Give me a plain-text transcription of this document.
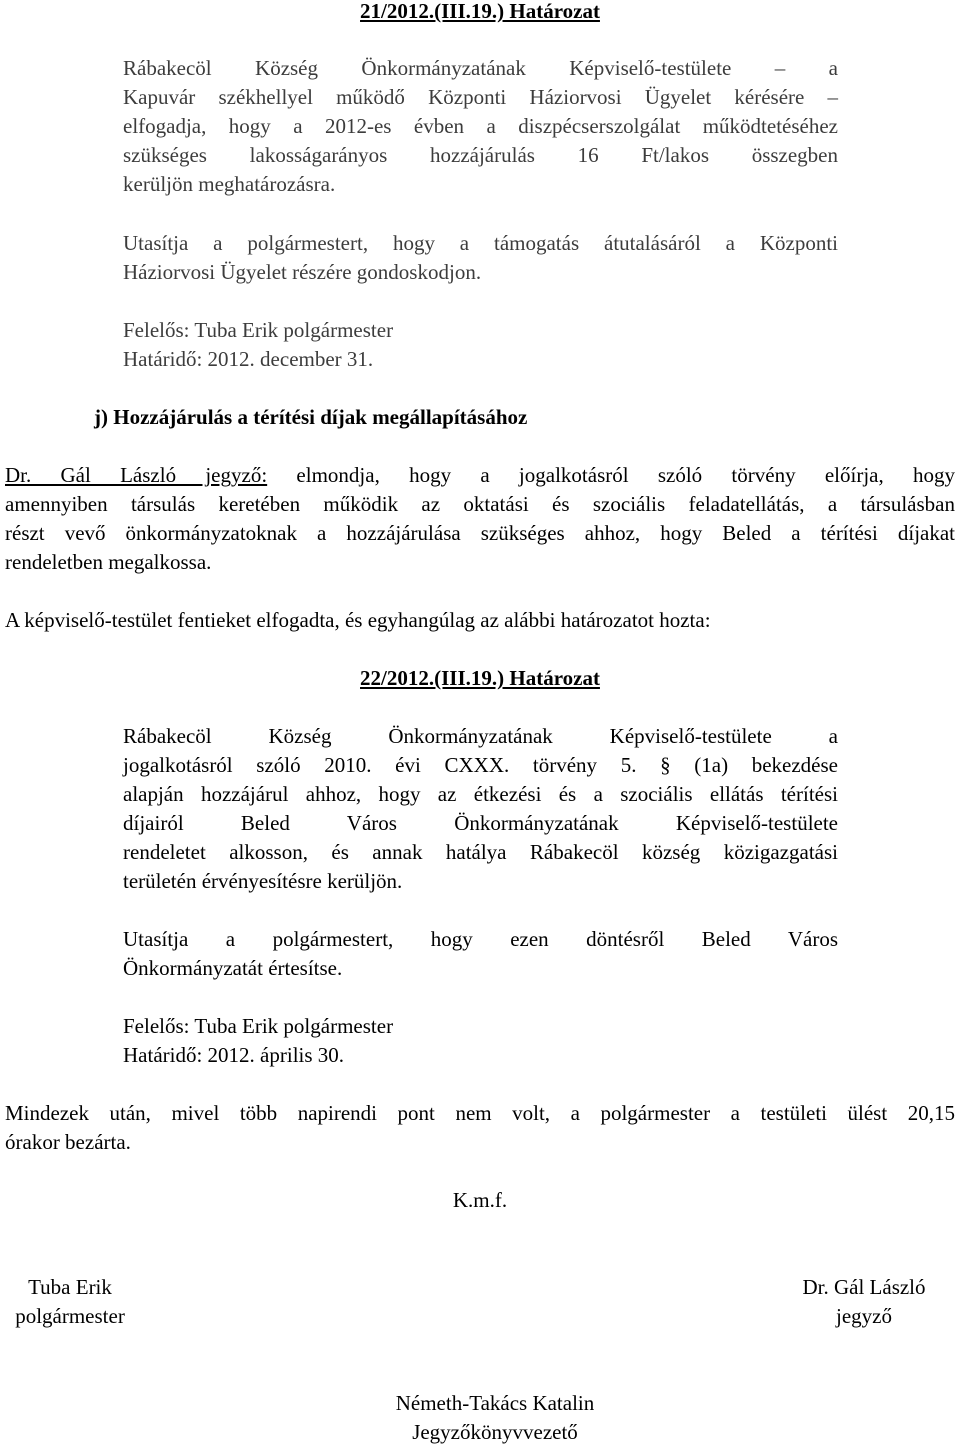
21/2012.(III.19.) Határozat
Rábakecöl Község Önkormányzatának Képviselő-testülete – a
Kapuvár székhellyel működő Központi Háziorvosi Ügyelet kérésére –
elfogadja, hogy a 2012-es évben a diszpécserszolgálat működtetéséhez
szükséges lakosságarányos hozzájárulás 16 Ft/lakos összegben
kerüljön meghatározásra.
Utasítja a polgármestert, hogy a támogatás átutalásáról a Központi
Háziorvosi Ügyelet részére gondoskodjon.
Felelős: Tuba Erik polgármester
Határidő: 2012. december 31.
j) Hozzájárulás a térítési díjak megállapításához
Dr. Gál László jegyző: elmondja, hogy a jogalkotásról szóló törvény előírja, hogy
amennyiben társulás keretében működik az oktatási és szociális feladatellátás, a társulásban
részt vevő önkormányzatoknak a hozzájárulása szükséges ahhoz, hogy Beled a térítési díjakat
rendeletben megalkossa.
A képviselő-testület fentieket elfogadta, és egyhangúlag az alábbi határozatot hozta:
22/2012.(III.19.) Határozat
Rábakecöl Község Önkormányzatának Képviselő-testülete a
jogalkotásról szóló 2010. évi CXXX. törvény 5. § (1a) bekezdése
alapján hozzájárul ahhoz, hogy az étkezési és a szociális ellátás térítési
díjairól Beled Város Önkormányzatának Képviselő-testülete
rendeletet alkosson, és annak hatálya Rábakecöl község közigazgatási
területén érvényesítésre kerüljön.
Utasítja a polgármestert, hogy ezen döntésről Beled Város
Önkormányzatát értesítse.
Felelős: Tuba Erik polgármester
Határidő: 2012. április 30.
Mindezek után, mivel több napirendi pont nem volt, a polgármester a testületi ülést 20,15
órakor bezárta.
K.m.f.
Tuba Erik
polgármester
Dr. Gál László
jegyző
Németh-Takács Katalin
Jegyzőkönyvvezető
